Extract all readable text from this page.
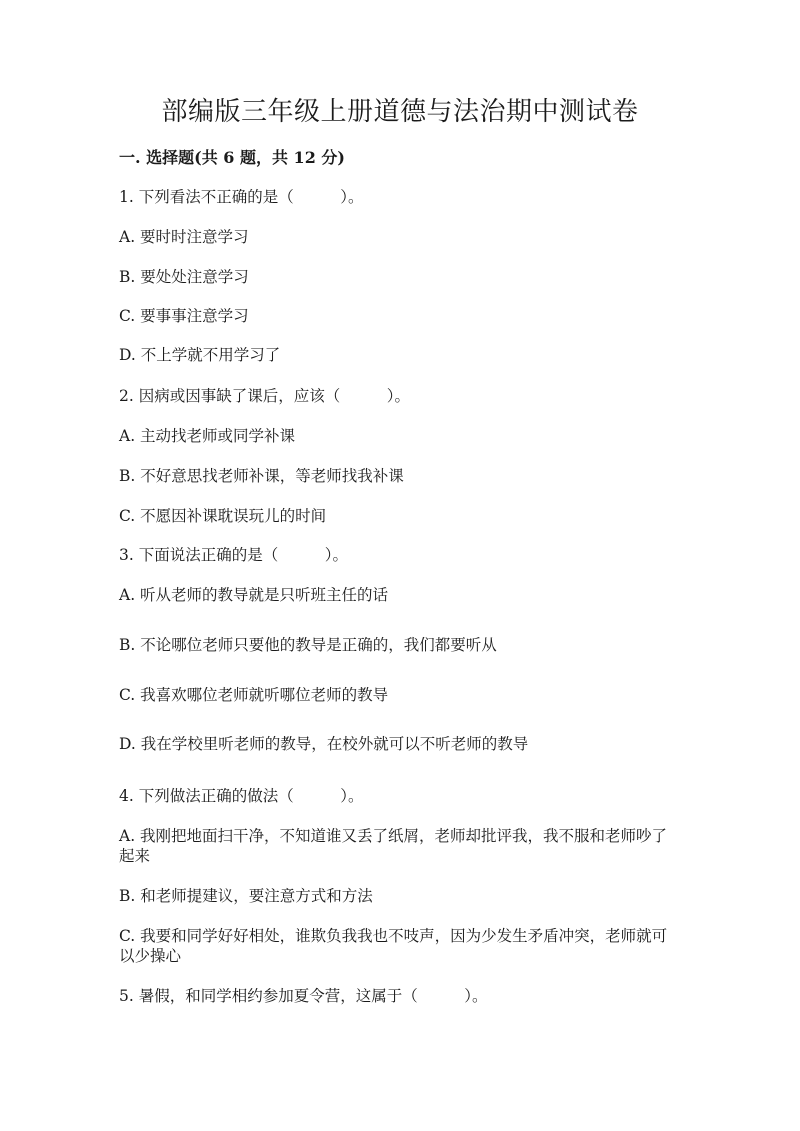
部编版三年级上册道德与法治期中测试卷
一. 选择题(共 6 题，共 12 分)
1. 下列看法不正确的是（　　　）。
A. 要时时注意学习
B. 要处处注意学习
C. 要事事注意学习
D. 不上学就不用学习了
2. 因病或因事缺了课后，应该（　　　）。
A. 主动找老师或同学补课
B. 不好意思找老师补课，等老师找我补课
C. 不愿因补课耽误玩儿的时间
3. 下面说法正确的是（　　　）。
A. 听从老师的教导就是只听班主任的话
B. 不论哪位老师只要他的教导是正确的，我们都要听从
C. 我喜欢哪位老师就听哪位老师的教导
D. 我在学校里听老师的教导，在校外就可以不听老师的教导
4. 下列做法正确的做法（　　　）。
A. 我刚把地面扫干净，不知道谁又丢了纸屑，老师却批评我，我不服和老师吵了起来
B. 和老师提建议，要注意方式和方法
C. 我要和同学好好相处，谁欺负我我也不吱声，因为少发生矛盾冲突，老师就可以少操心
5. 暑假，和同学相约参加夏令营，这属于（　　　）。
